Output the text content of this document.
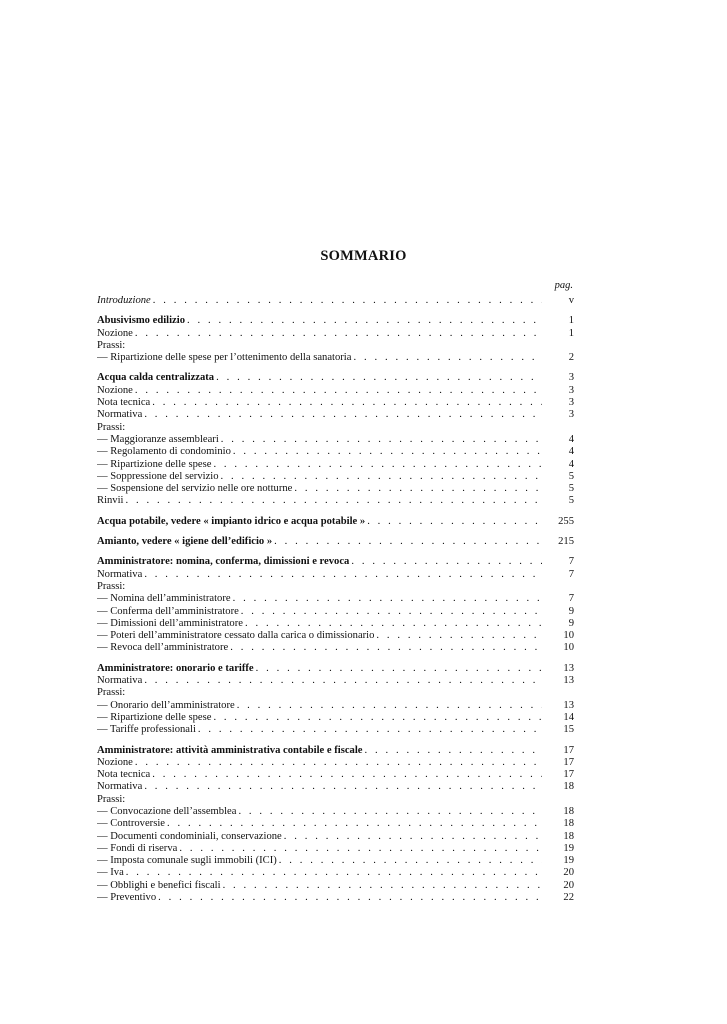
SOMMARIO
pag.
Introduzione . . .	v
Abusivismo edilizio . . .	1
Nozione . . .	1
Prassi:
— Ripartizione delle spese per l’ottenimento della sanatoria . . .	2
Acqua calda centralizzata . . .	3
Nozione . . .	3
Nota tecnica . . .	3
Normativa . . .	3
Prassi:
— Maggioranze assembleari . . .	4
— Regolamento di condominio . . .	4
— Ripartizione delle spese . . .	4
— Soppressione del servizio . . .	5
— Sospensione del servizio nelle ore notturne . . .	5
Rinvii . . .	5
Acqua potabile, vedere « impianto idrico e acqua potabile » . . .	255
Amianto, vedere « igiene dell’edificio » . . .	215
Amministratore: nomina, conferma, dimissioni e revoca . . .	7
Normativa . . .	7
Prassi:
— Nomina dell’amministratore . . .	7
— Conferma dell’amministratore . . .	9
— Dimissioni dell’amministratore . . .	9
— Poteri dell’amministratore cessato dalla carica o dimissionario . . .	10
— Revoca dell’amministratore . . .	10
Amministratore: onorario e tariffe . . .	13
Normativa . . .	13
Prassi:
— Onorario dell’amministratore . . .	13
— Ripartizione delle spese . . .	14
— Tariffe professionali . . .	15
Amministratore: attività amministrativa contabile e fiscale . . .	17
Nozione . . .	17
Nota tecnica . . .	17
Normativa . . .	18
Prassi:
— Convocazione dell’assemblea . . .	18
— Controversie . . .	18
— Documenti condominiali, conservazione . . .	18
— Fondi di riserva . . .	19
— Imposta comunale sugli immobili (ICI) . . .	19
— Iva . . .	20
— Obblighi e benefici fiscali . . .	20
— Preventivo . . .	22
